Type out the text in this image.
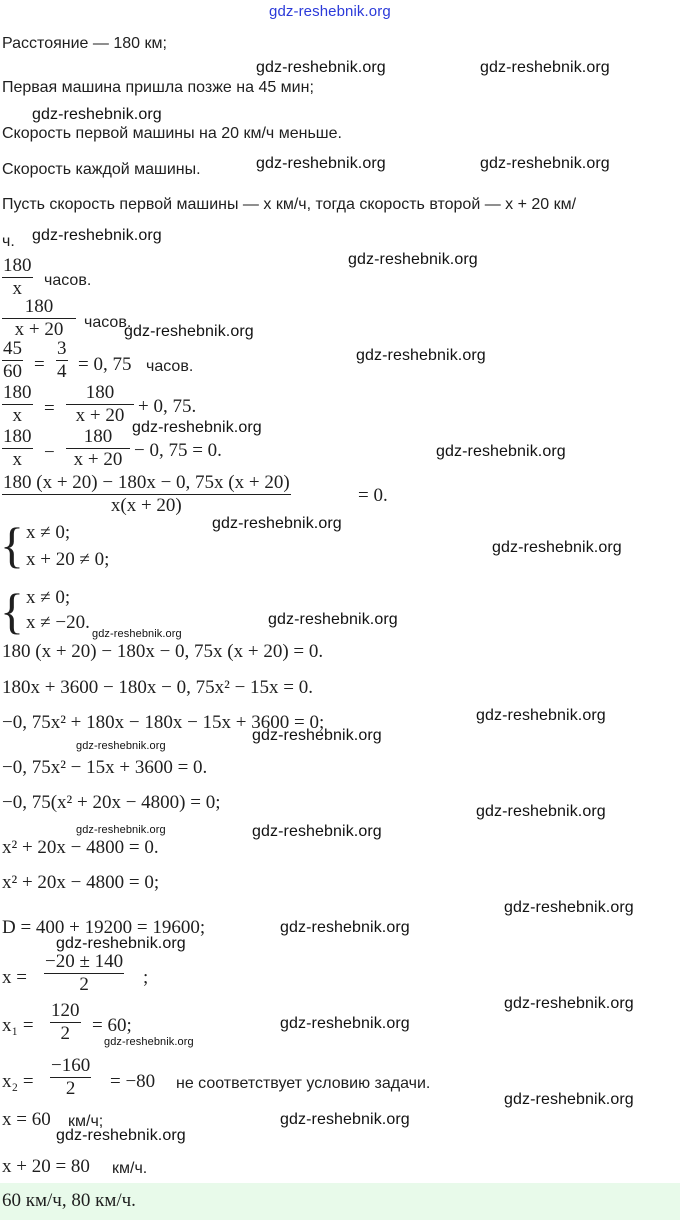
gdz-reshebnik.org
gdz-reshebnik.org	gdz-reshebnik.org
gdz-reshebnik.org
gdz-reshebnik.org	gdz-reshebnik.org
gdz-reshebnik.org
gdz-reshebnik.org
gdz-reshebnik.org
gdz-reshebnik.org
gdz-reshebnik.org
gdz-reshebnik.org
gdz-reshebnik.org
gdz-reshebnik.org
gdz-reshebnik.org
gdz-reshebnik.org
gdz-reshebnik.org
gdz-reshebnik.org
gdz-reshebnik.org
gdz-reshebnik.org
gdz-reshebnik.org	gdz-reshebnik.org
gdz-reshebnik.org
gdz-reshebnik.org
gdz-reshebnik.org
gdz-reshebnik.org
gdz-reshebnik.org
gdz-reshebnik.org
gdz-reshebnik.org
gdz-reshebnik.org
gdz-reshebnik.org
Расстояние — 180 км;
Первая машина пришла позже на 45 мин;
Скорость первой машины на 20 км/ч меньше.
Скорость каждой машины.
Пусть скорость первой машины — x км/ч, тогда скорость второй — x + 20 км/
ч.
180
x	часов.
180
x + 20	часов.
45
60 =
3
4 = 0, 75 часов.
180
x	=
180
x + 20 + 0, 75.
180
x	−
180
x + 20 − 0, 75 = 0.
180 (x + 20) − 180x − 0, 75x (x + 20)
x(x + 20)	= 0.
{ x ≠ 0;
x + 20 ≠ 0;
{ x ≠ 0;
x ≠ −20.
180 (x + 20) − 180x − 0, 75x (x + 20) = 0.
180x + 3600 − 180x − 0, 75x² − 15x = 0.
−0, 75x² + 180x − 180x − 15x + 3600 = 0;
−0, 75x² − 15x + 3600 = 0.
−0, 75(x² + 20x − 4800) = 0;
x² + 20x − 4800 = 0.
x² + 20x − 4800 = 0;
D = 400 + 19200 = 19600;
x =
−20 ± 140
2	;
x₁ =
120
2	= 60;
x₂ =
−160
2	= −80 не соответствует условию задачи.
x = 60 км/ч;
x + 20 = 80 км/ч.
60 км/ч, 80 км/ч.
